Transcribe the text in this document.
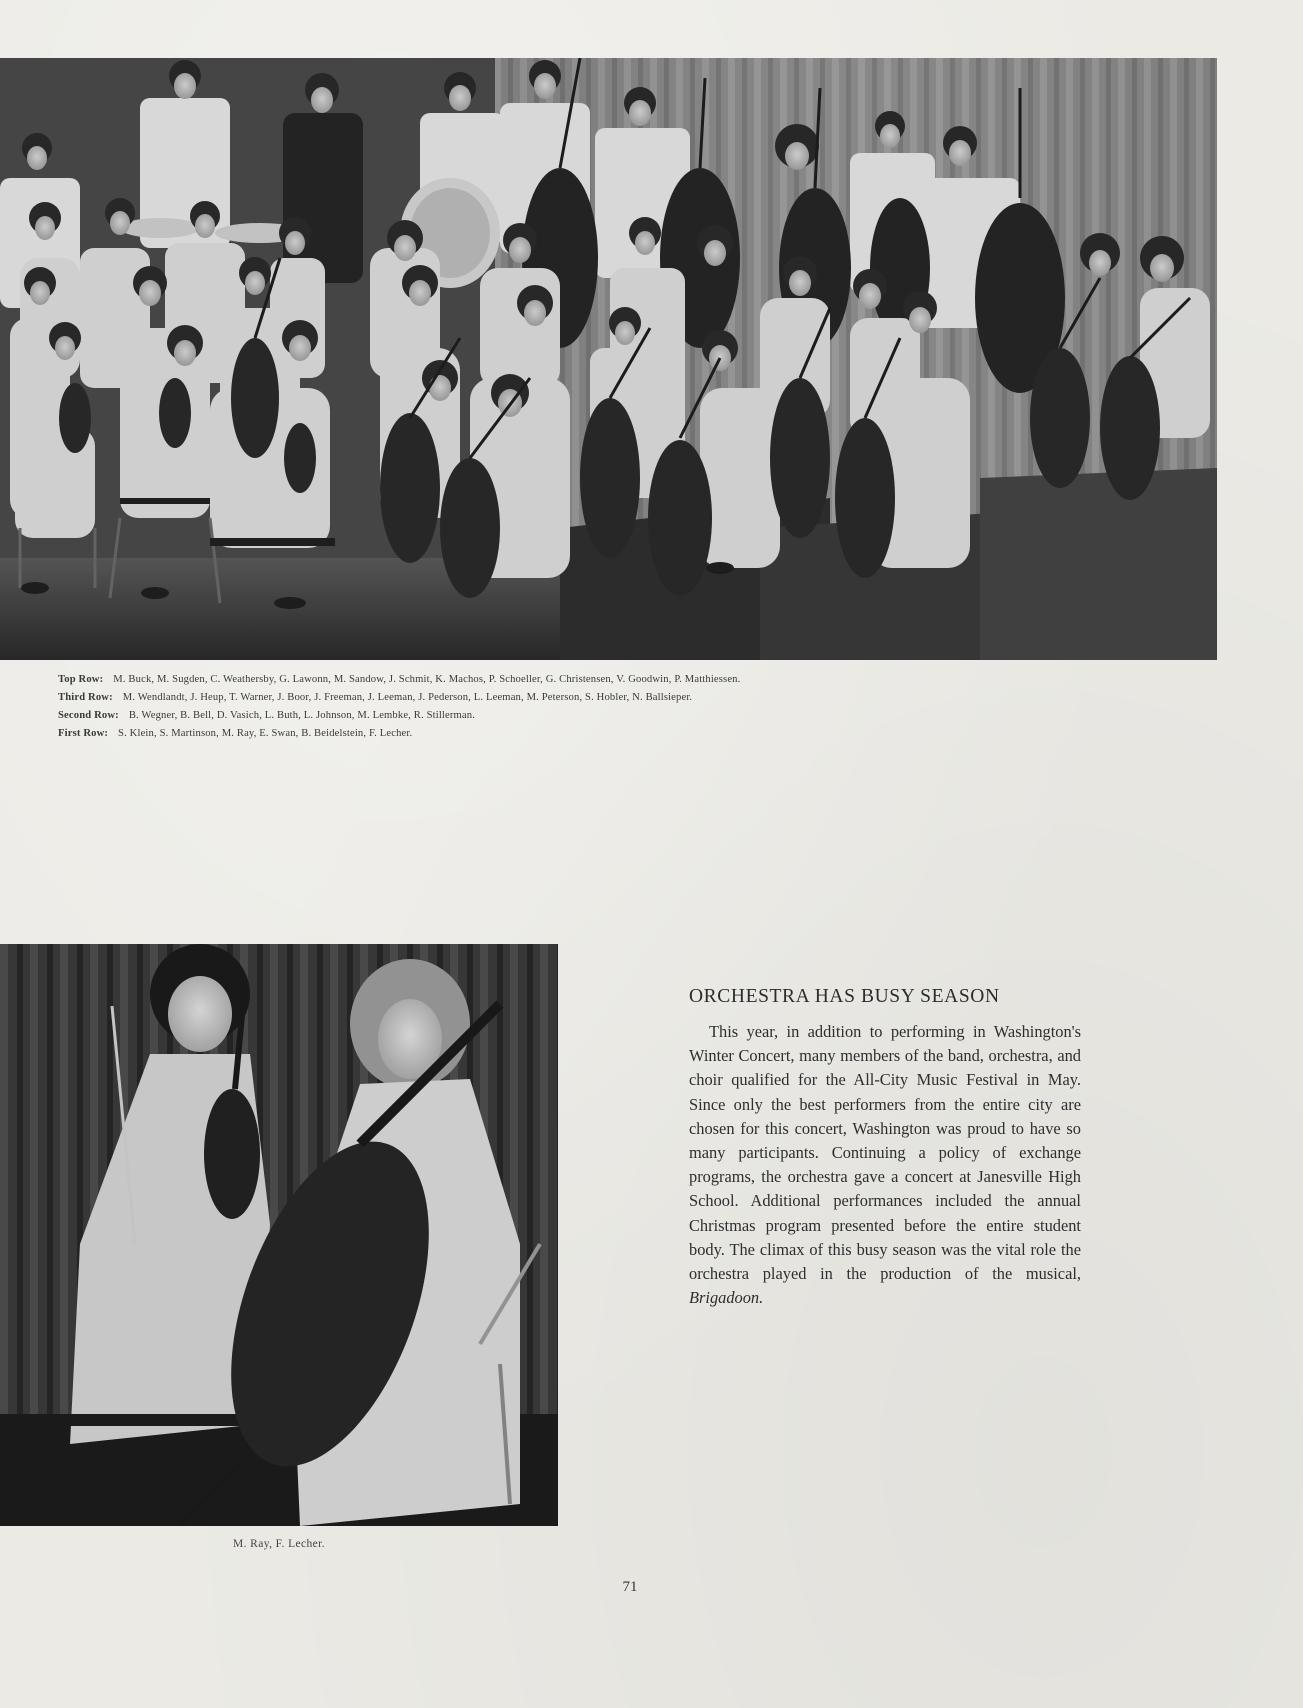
Top Row: M. Buck, M. Sugden, C. Weathersby, G. Lawonn, M. Sandow, J. Schmit, K. Machos, P. Schoeller, G. Christensen, V. Goodwin, P. Matthiessen.
Third Row: M. Wendlandt, J. Heup, T. Warner, J. Boor, J. Freeman, J. Leeman, J. Pederson, L. Leeman, M. Peterson, S. Hobler, N. Ballsieper.
Second Row: B. Wegner, B. Bell, D. Vasich, L. Buth, L. Johnson, M. Lembke, R. Stillerman.
First Row: S. Klein, S. Martinson, M. Ray, E. Swan, B. Beidelstein, F. Lecher.
M. Ray, F. Lecher.
ORCHESTRA HAS BUSY SEASON

This year, in addition to performing in Washington's Winter Concert, many members of the band, orchestra, and choir qualified for the All-City Music Festival in May. Since only the best performers from the entire city are chosen for this concert, Washington was proud to have so many participants. Continuing a policy of exchange programs, the orchestra gave a concert at Janesville High School. Additional performances included the annual Christmas program presented before the entire student body. The climax of this busy season was the vital role the orchestra played in the production of the musical, Brigadoon.

71
